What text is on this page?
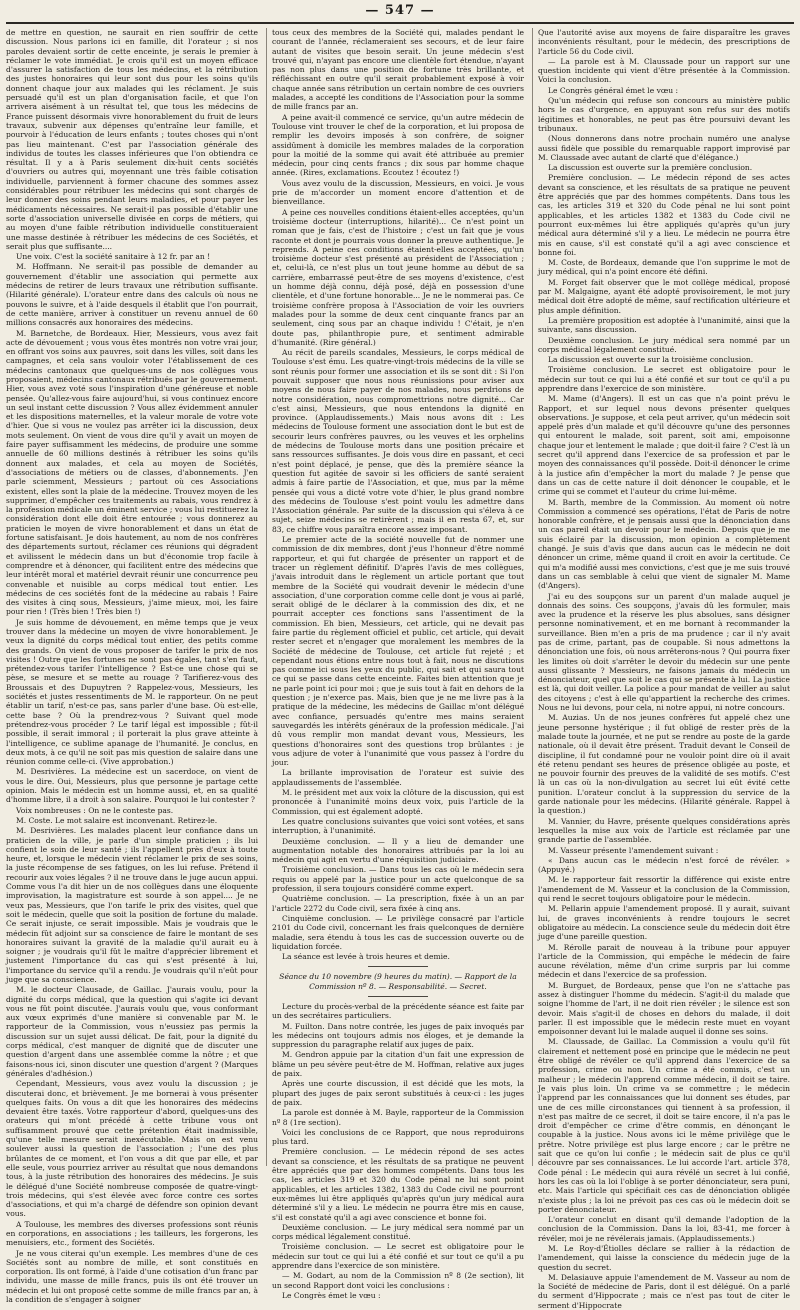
— 547 —

de mettre en question, ne saurait en rien souffrir de cette discussion. Nous parlons ici en famille, dit l'orateur ; si nos paroles devaient sortir de cette enceinte, je serais le premier à réclamer le vote immédiat. Je crois qu'il est un moyen efficace d'assurer la satisfaction de tous les médecins, et la rétribution des justes honoraires qui leur sont dus pour les soins qu'ils donnent chaque jour aux malades qui les réclament. Je suis persuadé qu'il est un plan d'organisation facile, et que l'on arrivera aisément à un résultat tel, que tous les médecins de France puissent désormais vivre honorablement du fruit de leurs travaux, subvenir aux dépenses qu'entraîne leur famille, et pourvoir à l'éducation de leurs enfants ; toutes choses qui n'ont pas lieu maintenant. C'est par l'association générale des individus de toutes les classes inférieures que l'on obtiendra ce résultat. Il y a à Paris seulement dix-huit cents sociétés d'ouvriers ou autres qui, moyennant une très faible cotisation individuelle, parviennent à former chacune des sommes assez considérables pour rétribuer les médecins qui sont chargés de leur donner des soins pendant leurs maladies, et pour payer les médicaments nécessaires. Ne serait-il pas possible d'établir une sorte d'association universelle divisée en corps de métiers, qui au moyen d'une faible rétribution individuelle constitueraient une masse destinée à rétribuer les médecins de ces Sociétés, et serait plus que suffisante....

Une voix. C'est la société sanitaire à 12 fr. par an !

M. Hoffmann. Ne serait-il pas possible de demander au gouvernement d'établir une association qui permette aux médecins de retirer de leurs travaux une rétribution suffisante. (Hilarité générale). L'orateur entre dans des calculs où nous ne pouvons le suivre, et à l'aide desquels il établit que l'on pourrait, de cette manière, arriver à constituer un revenu annuel de 60 millions consacrés aux honoraires des médecins.

M. Barnetche, de Bordeaux. Hier, Messieurs, vous avez fait acte de dévouement ; vous vous êtes montrés non votre vrai jour, en offrant vos soins aux pauvres, soit dans les villes, soit dans les campagnes, et cela sans vouloir voter l'établissement de ces médecins cantonaux que quelques-uns de nos collègues vous proposaient, médecins cantonaux rétribués par le gouvernement. Hier, vous avez voté sous l'inspiration d'une généreuse et noble pensée. Qu'allez-vous faire aujourd'hui, si vous continuez encore un seul instant cette discussion ? Vous allez évidemment annuler et les dispositions maternelles, et la valeur morale de votre vote d'hier. Que si vous ne voulez pas arrêter ici la discussion, deux mots seulement. On vient de vous dire qu'il y avait un moyen de faire payer suffisamment les médecins, de produire une somme annuelle de 60 millions destinés à rétribuer les soins qu'ils donnent aux malades, et cela au moyen de Sociétés, d'associations de métiers ou de classes, d'abonnements. J'en parle sciemment, Messieurs ; partout où ces Associations existent, elles sont la plaie de la médecine. Trouvez moyen de les supprimer, d'empêcher ces traitements au rabais, vous rendrez à la profession médicale un éminent service ; vous lui restituerez la considération dont elle doit être entourée ; vous donnerez au praticien le moyen de vivre honorablement et dans un état de fortune satisfaisant. Je dois hautement, au nom de nos confrères des départements surtout, réclamer ces réunions qui dégradent et avilissent le médecin dans un but d'économie trop facile à comprendre et à dénoncer, qui facilitent entre des médecins que leur intérêt moral et matériel devrait réunir une concurrence peu convenable et nuisible au corps médical tout entier. Les médecins de ces sociétés font de la médecine au rabais ! Faire des visites à cinq sous, Messieurs, j'aime mieux, moi, les faire pour rien ! (Très bien ! Très bien !)

Je suis homme de dévouement, en même temps que je veux trouver dans la médecine un moyen de vivre honorablement. Je veux la dignité du corps médical tout entier, des petits comme des grands. On vient de vous proposer de tarifer le prix de nos visites ! Outre que les fortunes ne sont pas égales, tant s'en faut, prétendez-vous tarifer l'intelligence ? Est-ce une chose qui se pèse, se mesure et se mette au rouage ? Tarifierez-vous des Broussais et des Dupuytren ? Rappelez-vous, Messieurs, les sociétés et justes ressentiments de M. le rapporteur. On ne peut établir un tarif, n'est-ce pas, sans parler d'une base. Où est-elle, cette base ? Où la prendrez-vous ? Suivant quel mode prétendrez-vous procéder ? Le tarif légal est impossible ; fût-il possible, il serait immoral ; il porterait la plus grave atteinte à l'intelligence, ce sublime apanage de l'humanité. Je conclus, en deux mots, à ce qu'il ne soit pas mis question de salaire dans une réunion comme celle-ci. (Vive approbation.)

M. Desrivières. La médecine est un sacerdoce, on vient de vous le dire. Oui, Messieurs, plus que personne je partage cette opinion. Mais le médecin est un homme aussi, et, en sa qualité d'homme libre, il a droit à son salaire. Pourquoi le lui contester ?

Voix nombreuses : On ne le conteste pas.

M. Coste. Le mot salaire est inconvenant. Retirez-le.

M. Desrivières. Les malades placent leur confiance dans un praticien de la ville, je parle d'un simple praticien ; ils lui confient le soin de leur santé ; ils l'appellent près d'eux à toute heure, et, lorsque le médecin vient réclamer le prix de ses soins, la juste récompense de ses fatigues, on les lui refuse. Prétend il recourir aux voies légales ? il ne trouve dans le juge aucun appui. Comme vous l'a dit hier un de nos collègues dans une éloquente improvisation, la magistrature est sourde à son appel.... Je ne veux pas, Messieurs, que l'on tarife le prix des visites, quel que soit le médecin, quelle que soit la position de fortune du malade. Ce serait injuste, ce serait impossible. Mais je voudrais que le médecin fût adjoint sur sa conscience de faire le montant de ses honoraires suivant la gravité de la maladie qu'il aurait eu à soigner ; je voudrais qu'il fût le maître d'apprécier librement et justement l'importance du cas qui s'est présenté à lui, l'importance du service qu'il a rendu. Je voudrais qu'il n'eût pour juge que sa conscience.

M. le docteur Clausade, de Gaillac. J'aurais voulu, pour la dignité du corps médical, que la question qui s'agite ici devant vous ne fût point discutée. J'aurais voulu que, vous conformant aux vœux exprimés d'une manière si convenable par M. le rapporteur de la Commission, vous n'eussiez pas permis la discussion sur un sujet aussi délicat. De fait, pour la dignité du corps médical, c'est manquer de dignité que de discuter une question d'argent dans une assemblée comme la nôtre ; et que faisons-nous ici, sinon discuter une question d'argent ? (Marques générales d'adhésion.)

Cependant, Messieurs, vous avez voulu la discussion ; je discuterai donc, et brièvement. Je me bornerai à vous présenter quelques faits. On vous a dit que les honoraires des médecins devaient être taxés. Votre rapporteur d'abord, quelques-uns des orateurs qui m'ont précédé à cette tribune vous ont suffisamment prouvé que cette prétention était inadmissible, qu'une telle mesure serait inexécutable. Mais on est venu soulever aussi la question de l'association ; l'une des plus brûlantes de ce moment, et l'on vous a dit que par elle, et par elle seule, vous pourriez arriver au résultat que nous demandons tous, à la juste rétribution des honoraires des médecins. Je suis le délégué d'une Société nombreuse composée de quatre-vingt-trois médecins, qui s'est élevée avec force contre ces sortes d'associations, et qui m'a chargé de défendre son opinion devant vous.

A Toulouse, les membres des diverses professions sont réunis en corporations, en associations ; les tailleurs, les forgerons, les menuisiers, etc., forment des Sociétés.

Je ne vous citerai qu'un exemple. Les membres d'une de ces Sociétés sont au nombre de mille, et sont constitués en corporation. Ils ont formé, à l'aide d'une cotisation d'un franc par individu, une masse de mille francs, puis ils ont été trouver un médecin et lui ont proposé cette somme de mille francs par an, à la condition de s'engager à soigner

tous ceux des membres de la Société qui, malades pendant le courant de l'année, réclameraient ses secours, et de leur faire autant de visites que besoin serait. Un jeune médecin s'est trouvé qui, n'ayant pas encore une clientèle fort étendue, n'ayant pas non plus dans une position de fortune très brillante, et réfléchissant en outre qu'il serait probablement exposé à voir chaque année sans rétribution un certain nombre de ces ouvriers malades, a accepté les conditions de l'Association pour la somme de mille francs par an.

A peine avait-il commencé ce service, qu'un autre médecin de Toulouse vint trouver le chef de la corporation, et lui proposa de remplir les devoirs imposés à son confrère, de soigner assidûment à domicile les membres malades de la corporation pour la moitié de la somme qui avait été attribuée au premier médecin, pour cinq cents francs ; dix sous par homme chaque année. (Rires, exclamations. Ecoutez ! écoutez !)

Vous avez voulu de la discussion, Messieurs, en voici. Je vous prie de m'accorder un moment encore d'attention et de bienveillance.

A peine ces nouvelles conditions étaient-elles acceptées, qu'un troisième docteur (interruptions, hilarité)... Ce n'est point un roman que je fais, c'est de l'histoire ; c'est un fait que je vous raconte et dont je pourrais vous donner la preuve authentique. Je reprends. A peine ces conditions étaient-elles acceptées, qu'un troisième docteur s'est présenté au président de l'Association ; et, celui-là, ce n'est plus un tout jeune homme au début de sa carrière, embarrassé peut-être de ses moyens d'existence, c'est un homme déjà connu, déjà posé, déjà en possession d'une clientèle, et d'une fortune honorable... Je ne le nommerai pas. Ce troisième confrère proposa à l'Association de voir les ouvriers malades pour la somme de deux cent cinquante francs par an seulement, cinq sous par an chaque individu ! C'était, je n'en doute pas, philanthropie pure, et sentiment admirable d'humanité. (Rire général.)

Au récit de pareils scandales, Messieurs, le corps médical de Toulouse s'est ému. Les quatre-vingt-trois médecins de la ville se sont réunis pour former une association et ils se sont dit : Si l'on pouvait supposer que nous nous réunissions pour aviser aux moyens de nous faire payer de nos malades, nous perdrions de notre considération, nous compromettrions notre dignité... Car c'est ainsi, Messieurs, que nous entendons la dignité en province. (Applaudissements.) Mais nous avons dit : Les médecins de Toulouse forment une association dont le but est de secourir leurs confrères pauvres, ou les veuves et les orphelins de médecins de Toulouse morts dans une position précaire et sans ressources suffisantes. Je dois vous dire en passant, et ceci n'est point déplacé, je pense, que dès la première séance la question fut agitée de savoir si les officiers de santé seraient admis à faire partie de l'Association, et que, mus par la même pensée qui vous a dicté votre vote d'hier, le plus grand nombre des médecins de Toulouse s'est point voulu les admettre dans l'Association générale. Par suite de la discussion qui s'éleva à ce sujet, seize médecins se retirèrent ; mais il en resta 67, et, sur 83, ce chiffre vous paraîtra encore assez imposant.

Le premier acte de la société nouvelle fut de nommer une commission de dix membres, dont j'eus l'honneur d'être nommé rapporteur, et qui fut chargée de présenter un rapport et de tracer un règlement définitif. D'après l'avis de mes collègues, j'avais introduit dans le règlement un article portant que tout membre de la Société qui voudrait devenir le médecin d'une association, d'une corporation comme celle dont je vous ai parlé, serait obligé de le déclarer à la commission des dix, et ne pourrait accepter ces fonctions sans l'assentiment de la commission. Eh bien, Messieurs, cet article, qui ne devait pas faire partie du règlement officiel et public, cet article, qui devait rester secret et n'engager que moralement les membres de la Société de médecine de Toulouse, cet article fut rejeté ; et cependant nous étions entre nous tout à fait, nous ne discutions pas comme ici sous les yeux du public, qui sait et qui saura tout ce qui se passe dans cette enceinte. Faites bien attention que je ne parle point ici pour moi ; que je suis tout à fait en dehors de la question ; je n'exerce pas. Mais, bien que je ne me livre pas à la pratique de la médecine, les médecins de Gaillac m'ont délégué avec confiance, persuadés qu'entre mes mains seraient sauvegardés les intérêts généraux de la profession médicale. J'ai dû vous remplir mon mandat devant vous, Messieurs, les questions d'honoraires sont des questions trop brûlantes : je vous adjure de voter à l'unanimité que vous passez à l'ordre du jour.

La brillante improvisation de l'orateur est suivie des applaudissements de l'assemblée.

M. le président met aux voix la clôture de la discussion, qui est prononcée à l'unanimité moins deux voix, puis l'article de la Commission, qui est également adopté.

Les quatre conclusions suivantes que voici sont votées, et sans interruption, à l'unanimité.

Deuxième conclusion. — Il y a lieu de demander une augmentation notable des honoraires attribués par la loi au médecin qui agit en vertu d'une réquisition judiciaire.

Troisième conclusion. — Dans tous les cas où le médecin sera requis ou appelé par la justice pour un acte quelconque de sa profession, il sera toujours considéré comme expert.

Quatrième conclusion. — La prescription, fixée à un an par l'article 2272 du Code civil, sera fixée à cinq ans.

Cinquième conclusion. — Le privilège consacré par l'article 2101 du Code civil, concernant les frais quelconques de dernière maladie, sera étendu à tous les cas de succession ouverte ou de liquidation forcée.

La séance est levée à trois heures et demie.

Séance du 10 novembre (9 heures du matin). — Rapport de la Commission nº 8. — Responsabilité. — Secret.

Lecture du procès-verbal de la précédente séance est faite par un des secrétaires particuliers.

M. Fuilton. Dans notre contrée, les juges de paix invoqués par les médecins ont toujours admis nos éloges, et je demande la suppression du paragraphe relatif aux juges de paix.

M. Gendron appuie par la citation d'un fait une expression de blâme un peu sévère peut-être de M. Hoffman, relative aux juges de paix.

Après une courte discussion, il est décidé que les mots, la plupart des juges de paix seront substitués à ceux-ci : les juges de paix.

La parole est donnée à M. Bayle, rapporteur de la Commission nº 8 (1re section).

Voici les conclusions de ce Rapport, que nous reproduirons plus tard.

Première conclusion. — Le médecin répond de ses actes devant sa conscience, et les résultats de sa pratique ne peuvent être appréciés que par des hommes compétents. Dans tous les cas, les articles 319 et 320 du Code pénal ne lui sont point applicables, et les articles 1382, 1383 du Code civil ne pourront eux-mêmes lui être appliqués qu'après qu'un jury médical aura déterminé s'il y a lieu. Le médecin ne pourra être mis en cause, s'il est constaté qu'il a agi avec conscience et bonne foi.

Deuxième conclusion. — Le jury médical sera nommé par un corps médical légalement constitué.

Troisième conclusion. — Le secret est obligatoire pour le médecin sur tout ce qui lui a été confié et sur tout ce qu'il a pu apprendre dans l'exercice de son ministère.

— M. Godart, au nom de la Commission nº 8 (2e section), lit un second Rapport dont voici les conclusions :

Le Congrès émet le vœu :

Que l'autorité avise aux moyens de faire disparaître les graves inconvénients résultant, pour le médecin, des prescriptions de l'article 56 du Code civil.

— La parole est à M. Claussade pour un rapport sur une question incidente qui vient d'être présentée à la Commission. Voici la conclusion.

Le Congrès général émet le vœu :

Qu'un médecin qui refuse son concours au ministère public hors le cas d'urgence, en appuyant son refus sur des motifs légitimes et honorables, ne peut pas être poursuivi devant les tribunaux.

(Nous donnerons dans notre prochain numéro une analyse aussi fidèle que possible du remarquable rapport improvisé par M. Claussade avec autant de clarté que d'élégance.)

La discussion est ouverte sur la première conclusion.

Première conclusion. — Le médecin répond de ses actes devant sa conscience, et les résultats de sa pratique ne peuvent être appréciés que par des hommes compétents. Dans tous les cas, les articles 319 et 320 du Code pénal ne lui sont point applicables, et les articles 1382 et 1383 du Code civil ne pourront eux-mêmes lui être appliqués qu'après qu'un jury médical aura déterminé s'il y a lieu. Le médecin ne pourra être mis en cause, s'il est constaté qu'il a agi avec conscience et bonne foi.

M. Coste, de Bordeaux, demande que l'on supprime le mot de jury médical, qui n'a point encore été défini.

M. Forget fait observer que le mot collège médical, proposé par M. Malgaigne, ayant été adopté provisoirement, le mot jury médical doit être adopté de même, sauf rectification ultérieure et plus ample définition.

La première proposition est adoptée à l'unanimité, ainsi que la suivante, sans discussion.

Deuxième conclusion. Le jury médical sera nommé par un corps médical légalement constitué.

La discussion est ouverte sur la troisième conclusion.

Troisième conclusion. Le secret est obligatoire pour le médecin sur tout ce qui lui a été confié et sur tout ce qu'il a pu apprendre dans l'exercice de son ministère.

M. Mame (d'Angers). Il est un cas que n'a point prévu le Rapport, et sur lequel nous devons présenter quelques observations. Je suppose, et cela peut arriver, qu'un médecin soit appelé près d'un malade et qu'il découvre qu'une des personnes qui entourent le malade, soit parent, soit ami, empoisonne chaque jour et lentement le malade ; que doit-il faire ? C'est là un secret qu'il apprend dans l'exercice de sa profession et par le moyen des connaissances qu'il possède. Doit-il dénoncer le crime à la justice afin d'empêcher la mort du malade ? Je pense que dans un cas de cette nature il doit dénoncer le coupable, et le crime qui se commet et l'auteur du crime lui-même.

M. Barth, membre de la Commission. Au moment où notre Commission a commencé ses opérations, l'état de Paris de notre honorable confrère, et je pensais aussi que la dénonciation dans un cas pareil était un devoir pour le médecin. Depuis que je me suis éclairé par la discussion, mon opinion a complètement changé. Je suis d'avis que dans aucun cas le médecin ne doit dénoncer un crime, même quand il croit en avoir la certitude. Ce qui m'a modifié aussi mes convictions, c'est que je me suis trouvé dans un cas semblable à celui que vient de signaler M. Mame (d'Angers).

J'ai eu des soupçons sur un parent d'un malade auquel je donnais des soins. Ces soupçons, j'avais dû les formuler, mais avec la prudence et la réserve les plus absolues, sans désigner personne nominativement, et en me bornant à recommander la surveillance. Bien m'en a pris de ma prudence ; car il n'y avait pas de crime, partant, pas de coupable. Si nous admettons la dénonciation une fois, où nous arrêterons-nous ? Qui pourra fixer les limites où doit s'arrêter le devoir du médecin sur une pente aussi glissante ? Messieurs, ne faisons jamais du médecin un dénonciateur, quel que soit le cas qui se présente à lui. La justice est là, qui doit veiller. La police a pour mandat de veiller au salut des citoyens ; c'est à elle qu'appartient la recherche des crimes. Nous ne lui devons, pour cela, ni notre appui, ni notre concours.

M. Auzias. Un de nos jeunes confrères fut appelé chez une jeune personne hystérique ; il fut obligé de rester près de la malade toute la journée, et ne put se rendre au poste de la garde nationale, où il devait être présent. Traduit devant le Conseil de discipline, il fut condamné pour ne vouloir point dire où il avait été retenu pendant ses heures de présence obligée au poste, et ne pouvoir fournir des preuves de la validité de ses motifs. C'est là un cas où la non-divulgation au secret lui eût évité cette punition. L'orateur conclut à la suppression du service de la garde nationale pour les médecins. (Hilarité générale. Rappel à la question.)

M. Vannier, du Havre, présente quelques considérations après lesquelles la mise aux voix de l'article est réclamée par une grande partie de l'assemblée.

M. Vasseur présente l'amendement suivant :

« Dans aucun cas le médecin n'est forcé de révéler. » (Appuyé.)

M. le rapporteur fait ressortir la différence qui existe entre l'amendement de M. Vasseur et la conclusion de la Commission, qui rend le secret toujours obligatoire pour le médecin.

M. Pellarin appuie l'amendement proposé. Il y aurait, suivant lui, de graves inconvénients à rendre toujours le secret obligatoire au médecin. La conscience seule du médecin doit être juge d'une pareille question.

M. Rérolle parait de nouveau à la tribune pour appuyer l'article de la Commission, qui empêche le médecin de faire aucune révélation, même d'un crime surpris par lui comme médecin et dans l'exercice de sa profession.

M. Burguet, de Bordeaux, pense que l'on ne s'attache pas assez à distinguer l'homme du médecin. S'agit-il du malade que soigne l'homme de l'art, il ne doit rien révéler ; le silence est son devoir. Mais s'agit-il de choses en dehors du malade, il doit parler. Il est impossible que le médecin reste muet en voyant empoisonner devant lui le malade auquel il donne ses soins.

M. Claussade, de Gaillac. La Commission a voulu qu'il fût clairement et nettement posé en principe que le médecin ne peut être obligé de révéler ce qu'il apprend dans l'exercice de sa profession, crime ou non. Un crime a été commis, c'est un malheur ; le médecin l'apprend comme médecin, il doit se taire. Je vais plus loin. Un crime va se commettre ; le médecin l'apprend par les connaissances que lui donnent ses études, par une de ces mille circonstances qui tiennent à sa profession, il n'est pas maître de ce secret, il doit se taire encore, il n'a pas le droit d'empêcher ce crime d'être commis, en dénonçant le coupable à la justice. Nous avons ici le même privilège que le prêtre. Notre privilège est plus large encore ; car le prêtre ne sait que ce qu'on lui confie ; le médecin sait de plus ce qu'il découvre par ses connaissances. Le lui accorde l'art. article 378, Code pénal : Le médecin qui aura révélé un secret à lui confié, hors les cas où la loi l'oblige à se porter dénonciateur, sera puni, etc. Mais l'article qui spécifiait ces cas de dénonciation obligée n'existe plus ; la loi ne prévoit pas ces cas où le médecin doit se porter dénonciateur.

L'orateur conclut en disant qu'il demande l'adoption de la conclusion de la Commission. Dans la loi, 83-41, me forcer à révéler, moi je ne révélerais jamais. (Applaudissements.)

M. Le Roy-d'Étiolles déclare se rallier à la rédaction de l'amendement, qui laisse la conscience du médecin juge de la question du secret.

M. Delasiauve appuie l'amendement de M. Vasseur au nom de la Société de médecine de Paris, dont il est délégué. On a parlé du serment d'Hippocrate ; mais ce n'est pas tout de citer le serment d'Hippocrate
